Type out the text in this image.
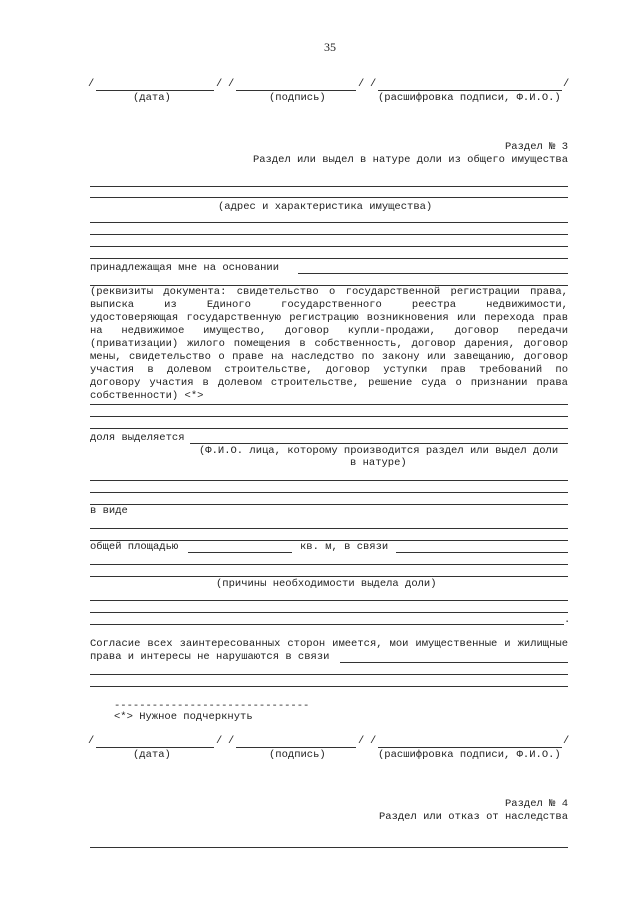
35
/	/ /	/ /	/
(дата)	(подпись)	(расшифровка подписи, Ф.И.О.)
Раздел № 3
Раздел или выдел в натуре доли из общего имущества
(адрес и характеристика имущества)
принадлежащая мне на основании
(реквизиты документа: свидетельство о государственной регистрации права,
выписка из Единого государственного реестра недвижимости,
удостоверяющая государственную регистрацию возникновения или перехода прав
на недвижимое имущество, договор купли-продажи, договор передачи
(приватизации) жилого помещения в собственность, договор дарения, договор
мены, свидетельство о праве на наследство по закону или завещанию, договор
участия в долевом строительстве, договор уступки прав требований по
договору участия в долевом строительстве, решение суда о признании права
собственности) <*>
доля выделяется
(Ф.И.О. лица, которому производится раздел или выдел доли
в натуре)
в виде
общей площадью	кв. м, в связи
(причины необходимости выдела доли)
.
Согласие всех заинтересованных сторон имеется, мои имущественные и жилищные
права и интересы не нарушаются в связи
-------------------------------
<*> Нужное подчеркнуть
/	/ /	/ /	/
(дата)	(подпись)	(расшифровка подписи, Ф.И.О.)
Раздел № 4
Раздел или отказ от наследства
